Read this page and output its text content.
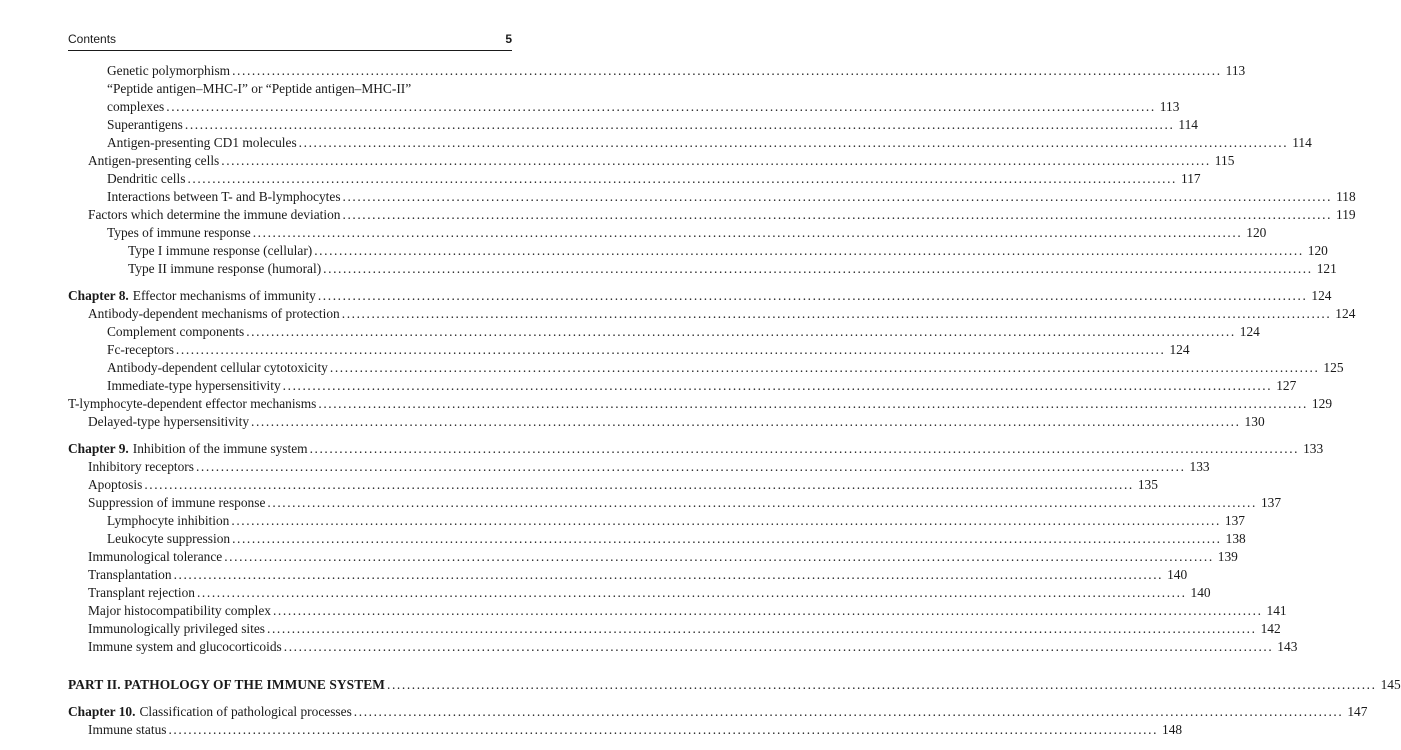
Contents	5
Genetic polymorphism ........................................................................................................................................................................................................ 113
“Peptide antigen–MHC-I” or “Peptide antigen–MHC-II”
complexes ........................................................................................................................................................................................................ 113
Superantigens ........................................................................................................................................................................................................ 114
Antigen-presenting CD1 molecules ........................................................................................................................................................................................................ 114
Antigen-presenting cells ........................................................................................................................................................................................................ 115
Dendritic cells ........................................................................................................................................................................................................ 117
Interactions between T- and B-lymphocytes ........................................................................................................................................................................................................ 118
Factors which determine the immune deviation ........................................................................................................................................................................................................ 119
Types of immune response ........................................................................................................................................................................................................ 120
Type I immune response (cellular) ........................................................................................................................................................................................................ 120
Type II immune response (humoral) ........................................................................................................................................................................................................ 121
Chapter 8. Effector mechanisms of immunity ........................................................................................................................................................................................................ 124
Antibody-dependent mechanisms of protection ........................................................................................................................................................................................................ 124
Complement components ........................................................................................................................................................................................................ 124
Fc-receptors ........................................................................................................................................................................................................ 124
Antibody-dependent cellular cytotoxicity ........................................................................................................................................................................................................ 125
Immediate-type hypersensitivity ........................................................................................................................................................................................................ 127
T-lymphocyte-dependent effector mechanisms ........................................................................................................................................................................................................ 129
Delayed-type hypersensitivity ........................................................................................................................................................................................................ 130
Chapter 9. Inhibition of the immune system ........................................................................................................................................................................................................ 133
Inhibitory receptors ........................................................................................................................................................................................................ 133
Apoptosis ........................................................................................................................................................................................................ 135
Suppression of immune response ........................................................................................................................................................................................................ 137
Lymphocyte inhibition ........................................................................................................................................................................................................ 137
Leukocyte suppression ........................................................................................................................................................................................................ 138
Immunological tolerance ........................................................................................................................................................................................................ 139
Transplantation ........................................................................................................................................................................................................ 140
Transplant rejection ........................................................................................................................................................................................................ 140
Major histocompatibility complex ........................................................................................................................................................................................................ 141
Immunologically privileged sites ........................................................................................................................................................................................................ 142
Immune system and glucocorticoids ........................................................................................................................................................................................................ 143
PART II. PATHOLOGY OF THE IMMUNE SYSTEM ........................................................................................................................................................................................................ 145
Chapter 10. Classification of pathological processes ........................................................................................................................................................................................................ 147
Immune status ........................................................................................................................................................................................................ 148
